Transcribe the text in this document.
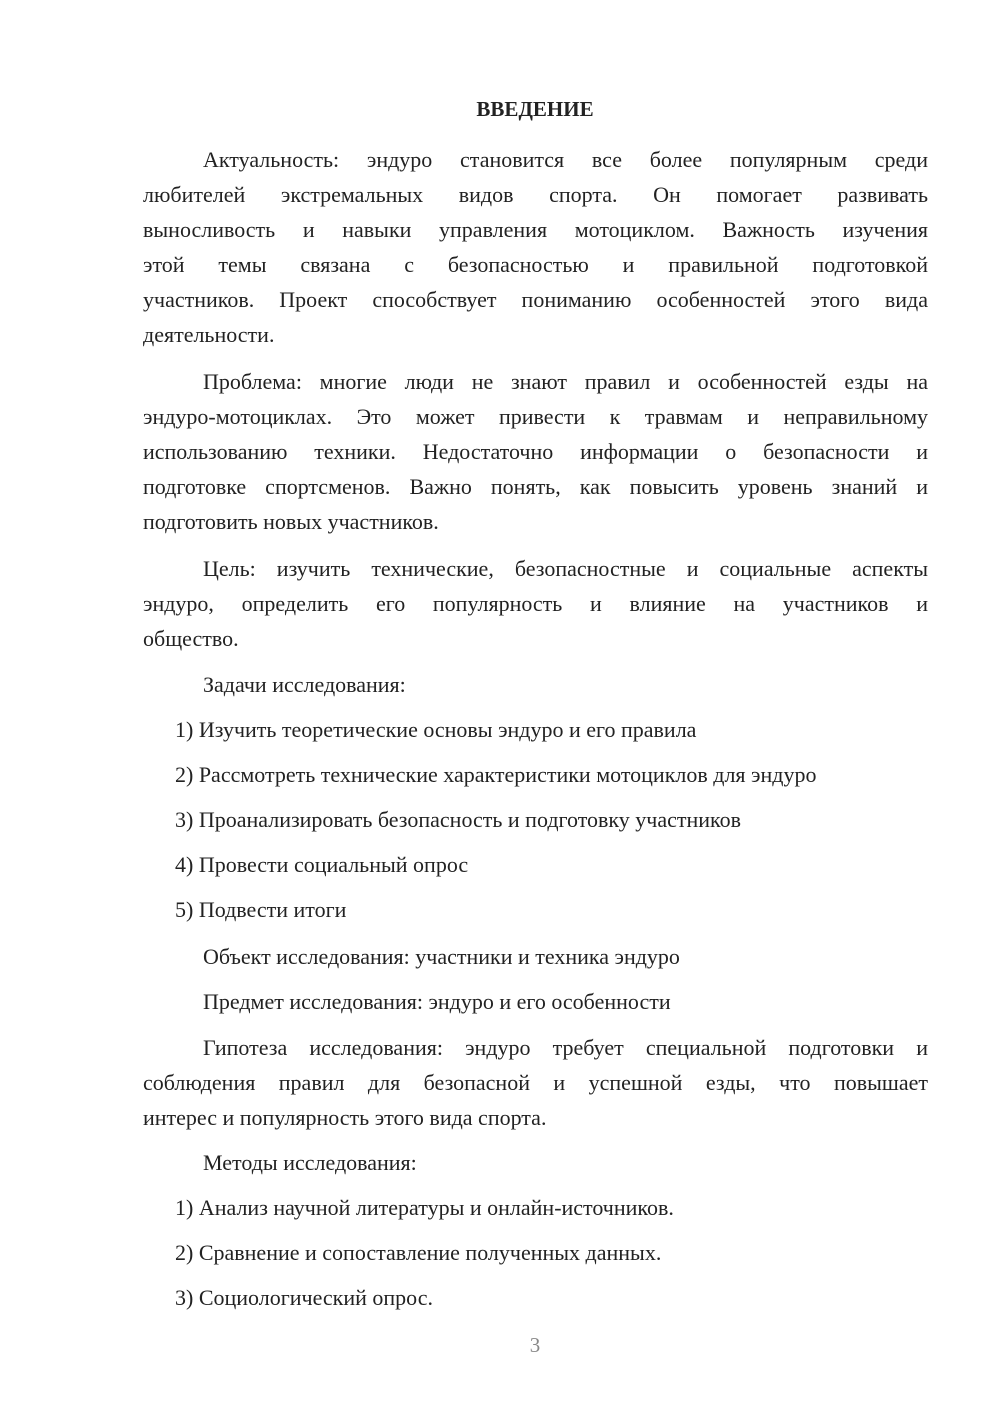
ВВЕДЕНИЕ
Актуальность: эндуро становится все более популярным среди
любителей экстремальных видов спорта. Он помогает развивать
выносливость и навыки управления мотоциклом. Важность изучения
этой темы связана с безопасностью и правильной подготовкой
участников. Проект способствует пониманию особенностей этого вида
деятельности.
Проблема: многие люди не знают правил и особенностей езды на
эндуро-мотоциклах. Это может привести к травмам и неправильному
использованию техники. Недостаточно информации о безопасности и
подготовке спортсменов. Важно понять, как повысить уровень знаний и
подготовить новых участников.
Цель: изучить технические, безопасностные и социальные аспекты
эндуро, определить его популярность и влияние на участников и
общество.
Задачи исследования:
1) Изучить теоретические основы эндуро и его правила
2) Рассмотреть технические характеристики мотоциклов для эндуро
3) Проанализировать безопасность и подготовку участников
4) Провести социальный опрос
5) Подвести итоги
Объект исследования: участники и техника эндуро
Предмет исследования: эндуро и его особенности
Гипотеза исследования: эндуро требует специальной подготовки и
соблюдения правил для безопасной и успешной езды, что повышает
интерес и популярность этого вида спорта.
Методы исследования:
1) Анализ научной литературы и онлайн-источников.
2) Сравнение и сопоставление полученных данных.
3) Социологический опрос.
3
